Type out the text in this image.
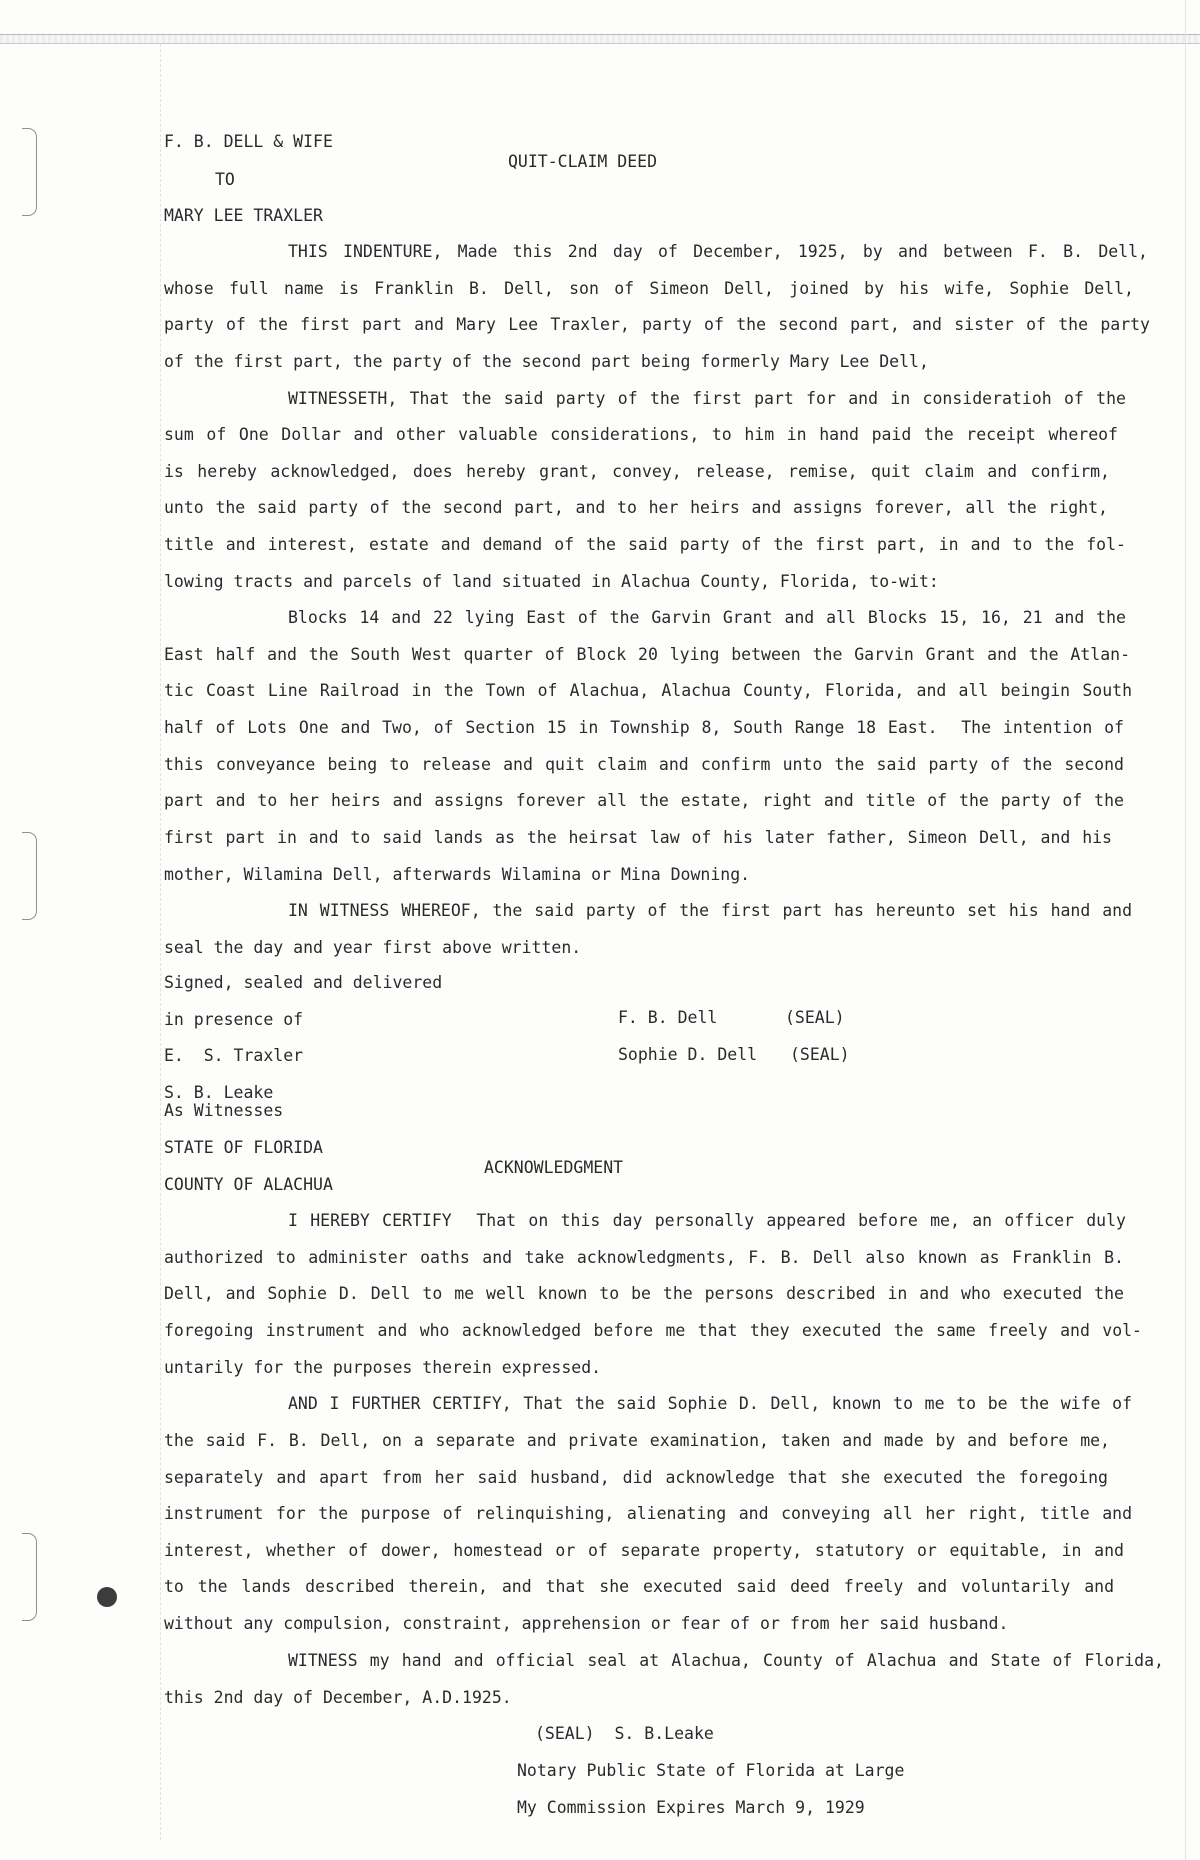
F. B. DELL & WIFE

TO

MARY LEE TRAXLER

QUIT-CLAIM DEED

THIS INDENTURE, Made this 2nd day of December, 1925, by and between F. B. Dell,

whose full name is Franklin B. Dell, son of Simeon Dell, joined by his wife, Sophie Dell,

party of the first part and Mary Lee Traxler, party of the second part, and sister of the party

of the first part, the party of the second part being formerly Mary Lee Dell,

WITNESSETH, That the said party of the first part for and in consideratioh of the

sum of One Dollar and other valuable considerations, to him in hand paid the receipt whereof

is hereby acknowledged, does hereby grant, convey, release, remise, quit claim and confirm,

unto the said party of the second part, and to her heirs and assigns forever, all the right,

title and interest, estate and demand of the said party of the first part, in and to the fol-

lowing tracts and parcels of land situated in Alachua County, Florida, to-wit:

Blocks 14 and 22 lying East of the Garvin Grant and all Blocks 15, 16, 21 and the

East half and the South West quarter of Block 20 lying between the Garvin Grant and the Atlan-

tic Coast Line Railroad in the Town of Alachua, Alachua County, Florida, and all beingin South

half of Lots One and Two, of Section 15 in Township 8, South Range 18 East.  The intention of

this conveyance being to release and quit claim and confirm unto the said party of the second

part and to her heirs and assigns forever all the estate, right and title of the party of the

first part in and to said lands as the heirsat law of his later father, Simeon Dell, and his

mother, Wilamina Dell, afterwards Wilamina or Mina Downing.

IN WITNESS WHEREOF, the said party of the first part has hereunto set his hand and

seal the day and year first above written.

Signed, sealed and delivered

in presence of

E.  S. Traxler

S. B. Leake

As Witnesses

F. B. Dell	(SEAL)

Sophie D. Dell (SEAL)

STATE OF FLORIDA

COUNTY OF ALACHUA

ACKNOWLEDGMENT

I HEREBY CERTIFY  That on this day personally appeared before me, an officer duly

authorized to administer oaths and take acknowledgments, F. B. Dell also known as Franklin B.

Dell, and Sophie D. Dell to me well known to be the persons described in and who executed the

foregoing instrument and who acknowledged before me that they executed the same freely and vol-

untarily for the purposes therein expressed.

AND I FURTHER CERTIFY, That the said Sophie D. Dell, known to me to be the wife of

the said F. B. Dell, on a separate and private examination, taken and made by and before me,

separately and apart from her said husband, did acknowledge that she executed the foregoing

instrument for the purpose of relinquishing, alienating and conveying all her right, title and

interest, whether of dower, homestead or of separate property, statutory or equitable, in and

to the lands described therein, and that she executed said deed freely and voluntarily and

without any compulsion, constraint, apprehension or fear of or from her said husband.

WITNESS my hand and official seal at Alachua, County of Alachua and State of Florida,

this 2nd day of December, A.D.1925.

(SEAL)  S. B.Leake

Notary Public State of Florida at Large

My Commission Expires March 9, 1929
